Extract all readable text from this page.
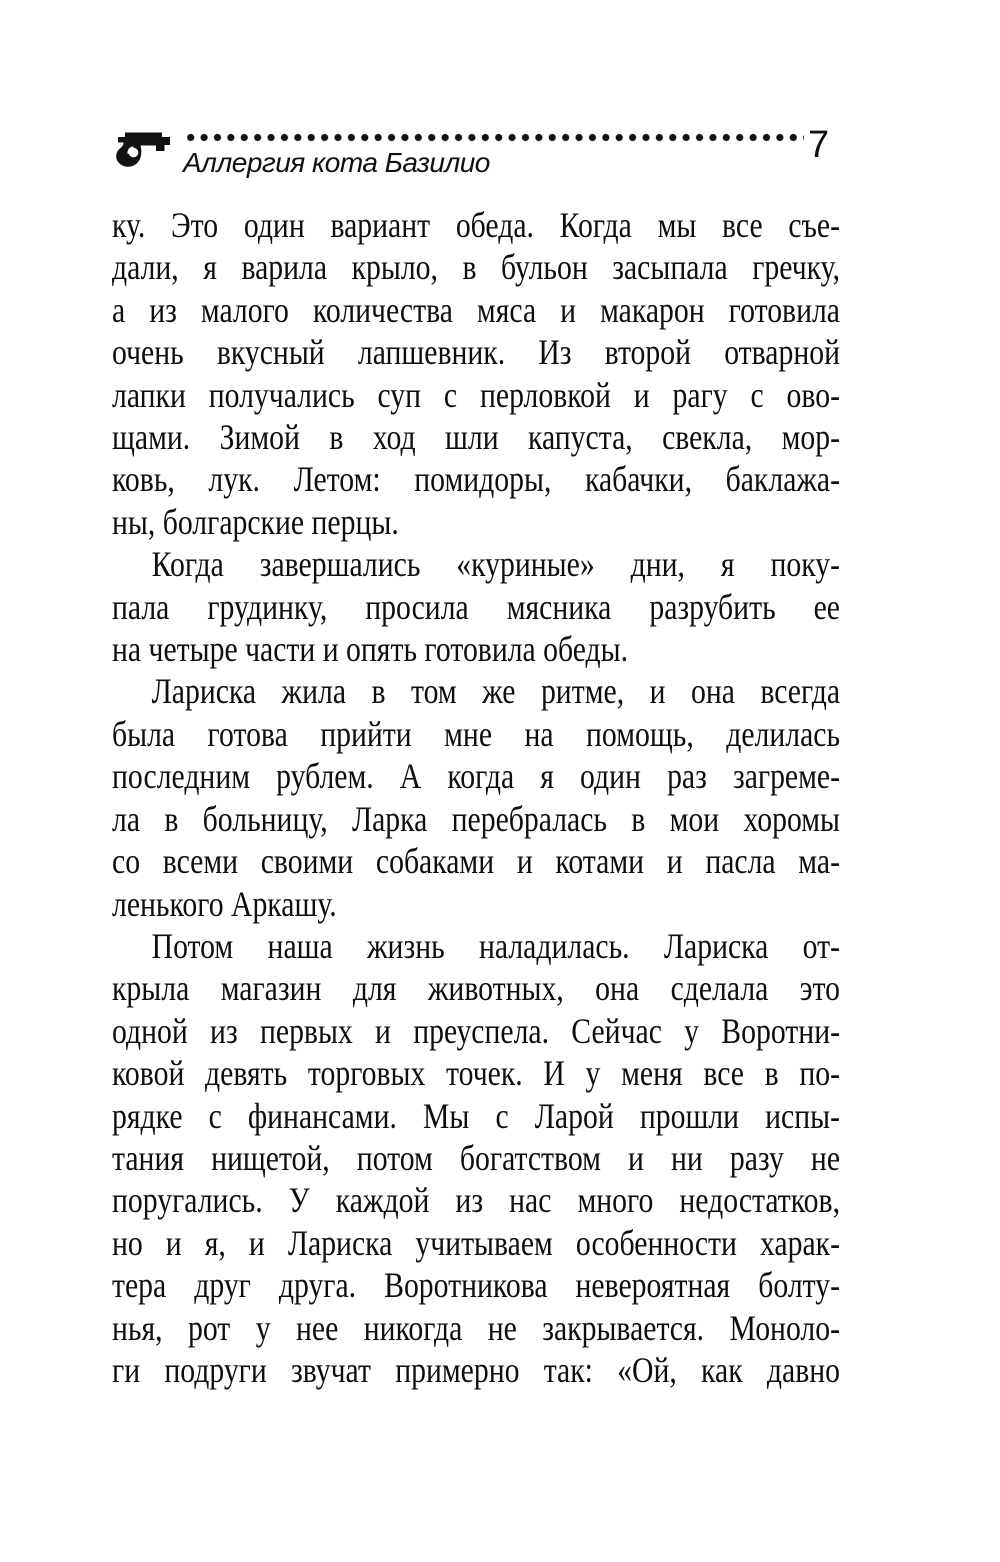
7
Аллергия кота Базилио
ку. Это один вариант обеда. Когда мы все съе-
дали, я варила крыло, в бульон засыпала гречку,
а из малого количества мяса и макарон готовила
очень вкусный лапшевник. Из второй отварной
лапки получались суп с перловкой и рагу с ово-
щами. Зимой в ход шли капуста, свекла, мор-
ковь, лук. Летом: помидоры, кабачки, баклажа-
ны, болгарские перцы.
Когда завершались «куриные» дни, я поку-
пала грудинку, просила мясника разрубить ее
на четыре части и опять готовила обеды.
Лариска жила в том же ритме, и она всегда
была готова прийти мне на помощь, делилась
последним рублем. А когда я один раз загреме-
ла в больницу, Ларка перебралась в мои хоромы
со всеми своими собаками и котами и пасла ма-
ленького Аркашу.
Потом наша жизнь наладилась. Лариска от-
крыла магазин для животных, она сделала это
одной из первых и преуспела. Сейчас у Воротни-
ковой девять торговых точек. И у меня все в по-
рядке с финансами. Мы с Ларой прошли испы-
тания нищетой, потом богатством и ни разу не
поругались. У каждой из нас много недостатков,
но и я, и Лариска учитываем особенности харак-
тера друг друга. Воротникова невероятная болту-
нья, рот у нее никогда не закрывается. Моноло-
ги подруги звучат примерно так: «Ой, как давно
